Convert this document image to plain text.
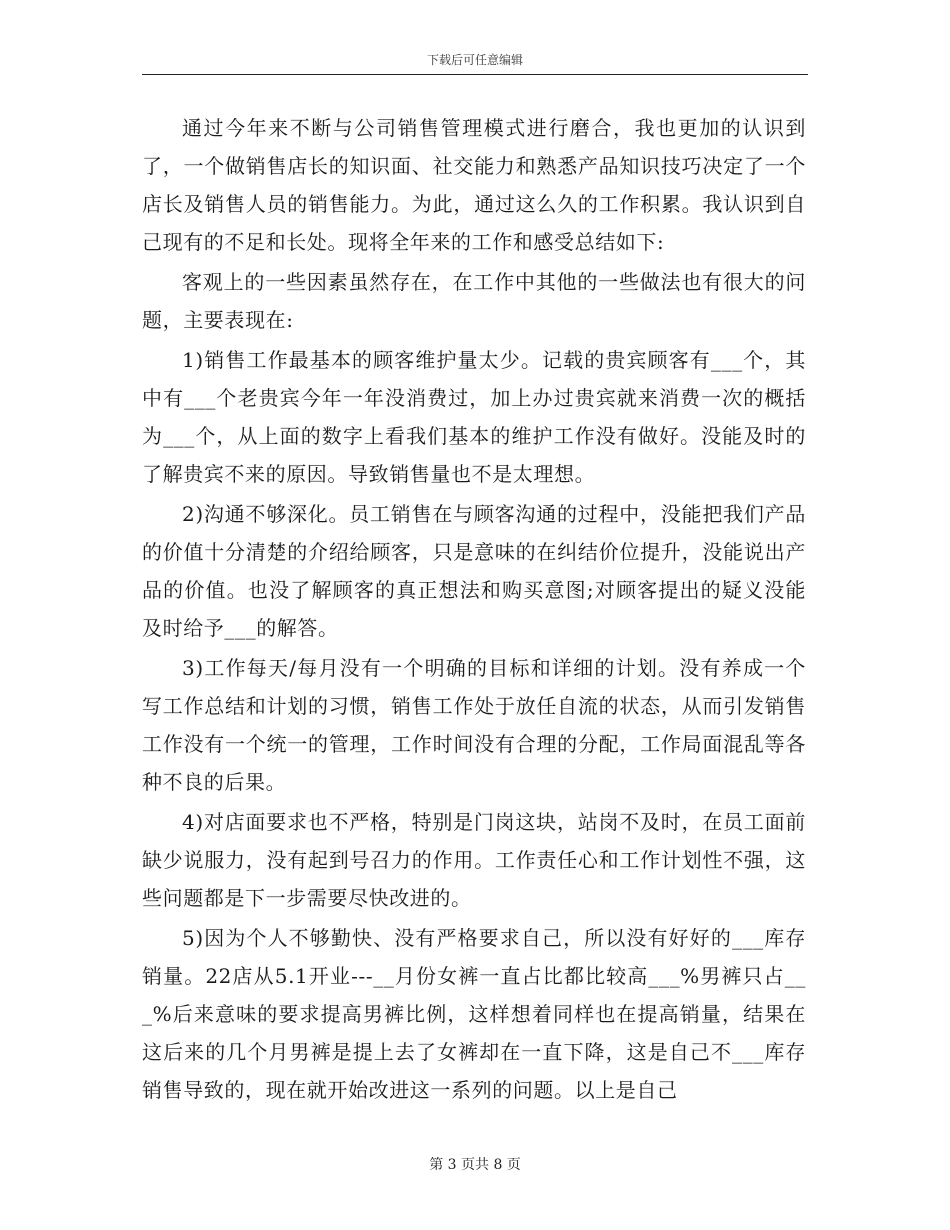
下载后可任意编辑

通过今年来不断与公司销售管理模式进行磨合，我也更加的认识到了，一个做销售店长的知识面、社交能力和熟悉产品知识技巧决定了一个店长及销售人员的销售能力。为此，通过这么久的工作积累。我认识到自己现有的不足和长处。现将全年来的工作和感受总结如下:

客观上的一些因素虽然存在，在工作中其他的一些做法也有很大的问题，主要表现在:

1)销售工作最基本的顾客维护量太少。记载的贵宾顾客有___个，其中有___个老贵宾今年一年没消费过，加上办过贵宾就来消费一次的概括为___个，从上面的数字上看我们基本的维护工作没有做好。没能及时的了解贵宾不来的原因。导致销售量也不是太理想。

2)沟通不够深化。员工销售在与顾客沟通的过程中，没能把我们产品的价值十分清楚的介绍给顾客，只是意味的在纠结价位提升，没能说出产品的价值。也没了解顾客的真正想法和购买意图;对顾客提出的疑义没能及时给予___的解答。

3)工作每天/每月没有一个明确的目标和详细的计划。没有养成一个写工作总结和计划的习惯，销售工作处于放任自流的状态，从而引发销售工作没有一个统一的管理，工作时间没有合理的分配，工作局面混乱等各种不良的后果。

4)对店面要求也不严格，特别是门岗这块，站岗不及时，在员工面前缺少说服力，没有起到号召力的作用。工作责任心和工作计划性不强，这些问题都是下一步需要尽快改进的。

5)因为个人不够勤快、没有严格要求自己，所以没有好好的___库存销量。22店从5.1开业---__月份女裤一直占比都比较高___%男裤只占___%后来意味的要求提高男裤比例，这样想着同样也在提高销量，结果在这后来的几个月男裤是提上去了女裤却在一直下降，这是自己不___库存销售导致的，现在就开始改进这一系列的问题。以上是自己

第 3 页共 8 页
